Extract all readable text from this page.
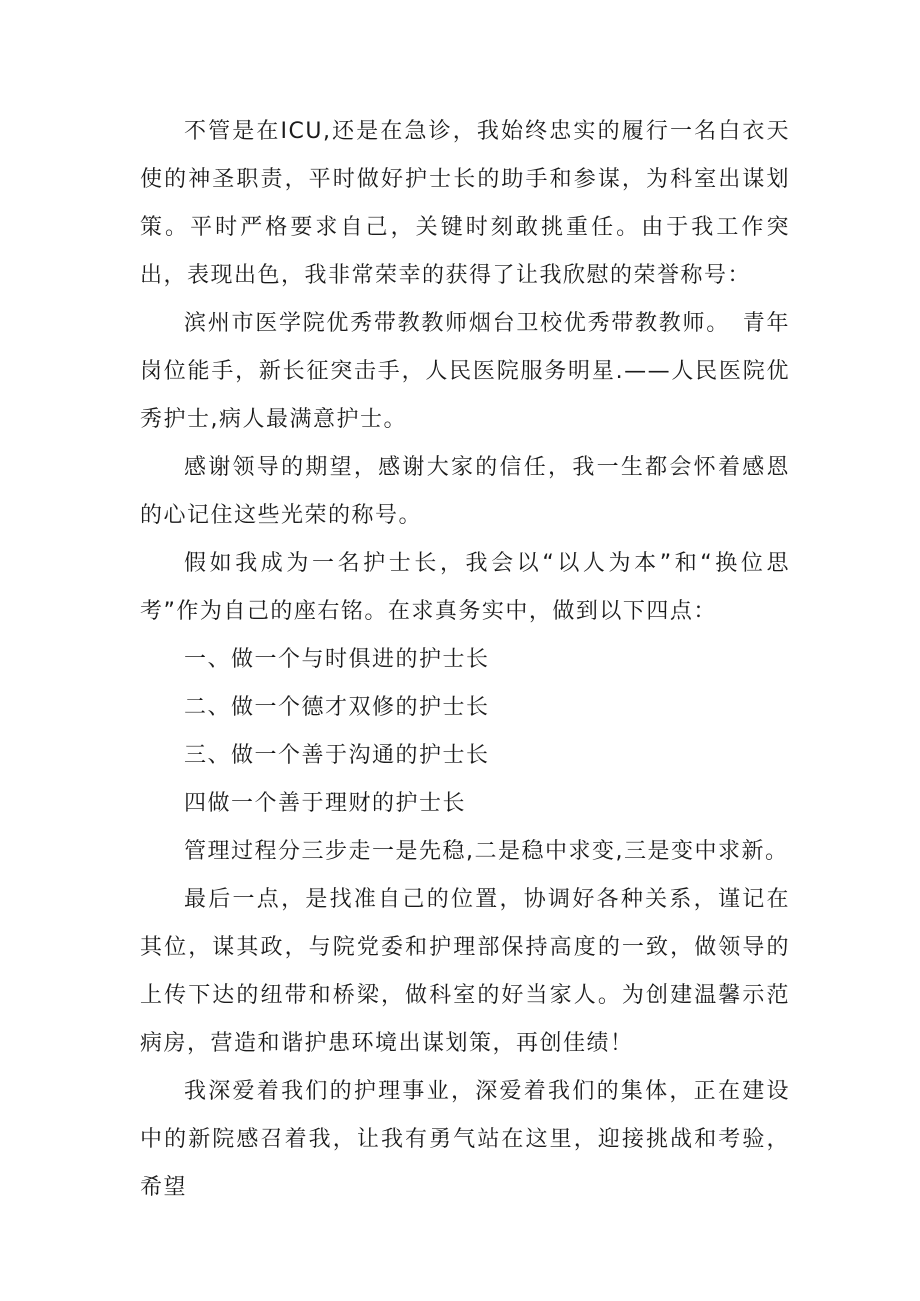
不管是在ICU,还是在急诊，我始终忠实的履行一名白衣天使的神圣职责，平时做好护士长的助手和参谋，为科室出谋划策。平时严格要求自己，关键时刻敢挑重任。由于我工作突出，表现出色，我非常荣幸的获得了让我欣慰的荣誉称号：

滨州市医学院优秀带教教师烟台卫校优秀带教教师。　青年岗位能手，新长征突击手，人民医院服务明星.——人民医院优秀护士,病人最满意护士。

感谢领导的期望，感谢大家的信任，我一生都会怀着感恩的心记住这些光荣的称号。

假如我成为一名护士长，我会以“以人为本”和“换位思考”作为自己的座右铭。在求真务实中，做到以下四点：

一、做一个与时俱进的护士长

二、做一个德才双修的护士长

三、做一个善于沟通的护士长

四做一个善于理财的护士长

管理过程分三步走一是先稳,二是稳中求变,三是变中求新。

最后一点，是找准自己的位置，协调好各种关系，谨记在其位，谋其政，与院党委和护理部保持高度的一致，做领导的上传下达的纽带和桥梁，做科室的好当家人。为创建温馨示范病房，营造和谐护患环境出谋划策，再创佳绩！

我深爱着我们的护理事业，深爱着我们的集体，正在建设中的新院感召着我，让我有勇气站在这里，迎接挑战和考验，希望
